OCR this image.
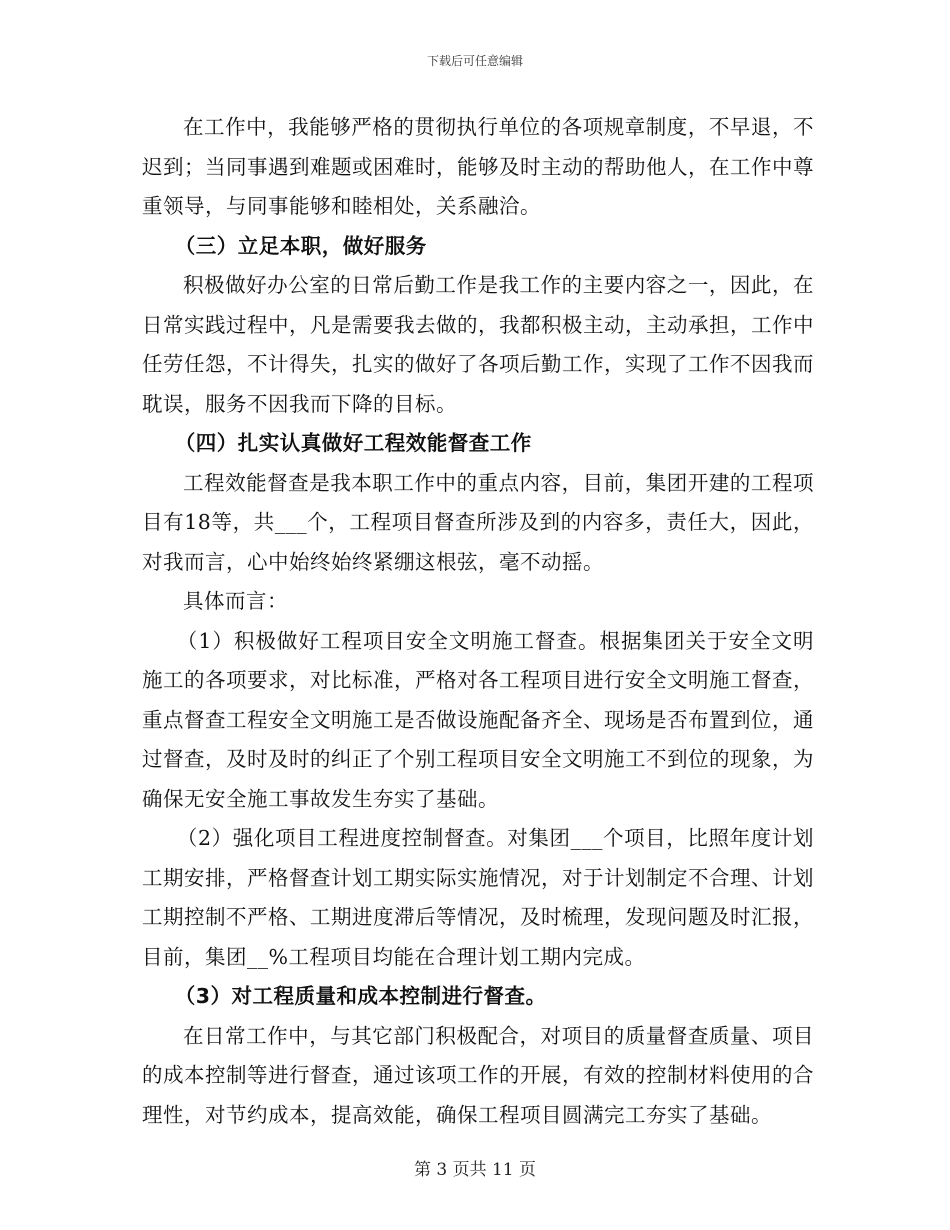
下载后可任意编辑

在工作中，我能够严格的贯彻执行单位的各项规章制度，不早退，不迟到；当同事遇到难题或困难时，能够及时主动的帮助他人，在工作中尊重领导，与同事能够和睦相处，关系融洽。

（三）立足本职，做好服务

积极做好办公室的日常后勤工作是我工作的主要内容之一，因此，在日常实践过程中，凡是需要我去做的，我都积极主动，主动承担，工作中任劳任怨，不计得失，扎实的做好了各项后勤工作，实现了工作不因我而耽误，服务不因我而下降的目标。

（四）扎实认真做好工程效能督查工作

工程效能督查是我本职工作中的重点内容，目前，集团开建的工程项目有18等，共___个，工程项目督查所涉及到的内容多，责任大，因此，对我而言，心中始终始终紧绷这根弦，毫不动摇。

具体而言：

（1）积极做好工程项目安全文明施工督查。根据集团关于安全文明施工的各项要求，对比标准，严格对各工程项目进行安全文明施工督查，重点督查工程安全文明施工是否做设施配备齐全、现场是否布置到位，通过督查，及时及时的纠正了个别工程项目安全文明施工不到位的现象，为确保无安全施工事故发生夯实了基础。

（2）强化项目工程进度控制督查。对集团___个项目，比照年度计划工期安排，严格督查计划工期实际实施情况，对于计划制定不合理、计划工期控制不严格、工期进度滞后等情况，及时梳理，发现问题及时汇报，目前，集团__%工程项目均能在合理计划工期内完成。

（3）对工程质量和成本控制进行督查。

在日常工作中，与其它部门积极配合，对项目的质量督查质量、项目的成本控制等进行督查，通过该项工作的开展，有效的控制材料使用的合理性，对节约成本，提高效能，确保工程项目圆满完工夯实了基础。

第 3 页共 11 页
